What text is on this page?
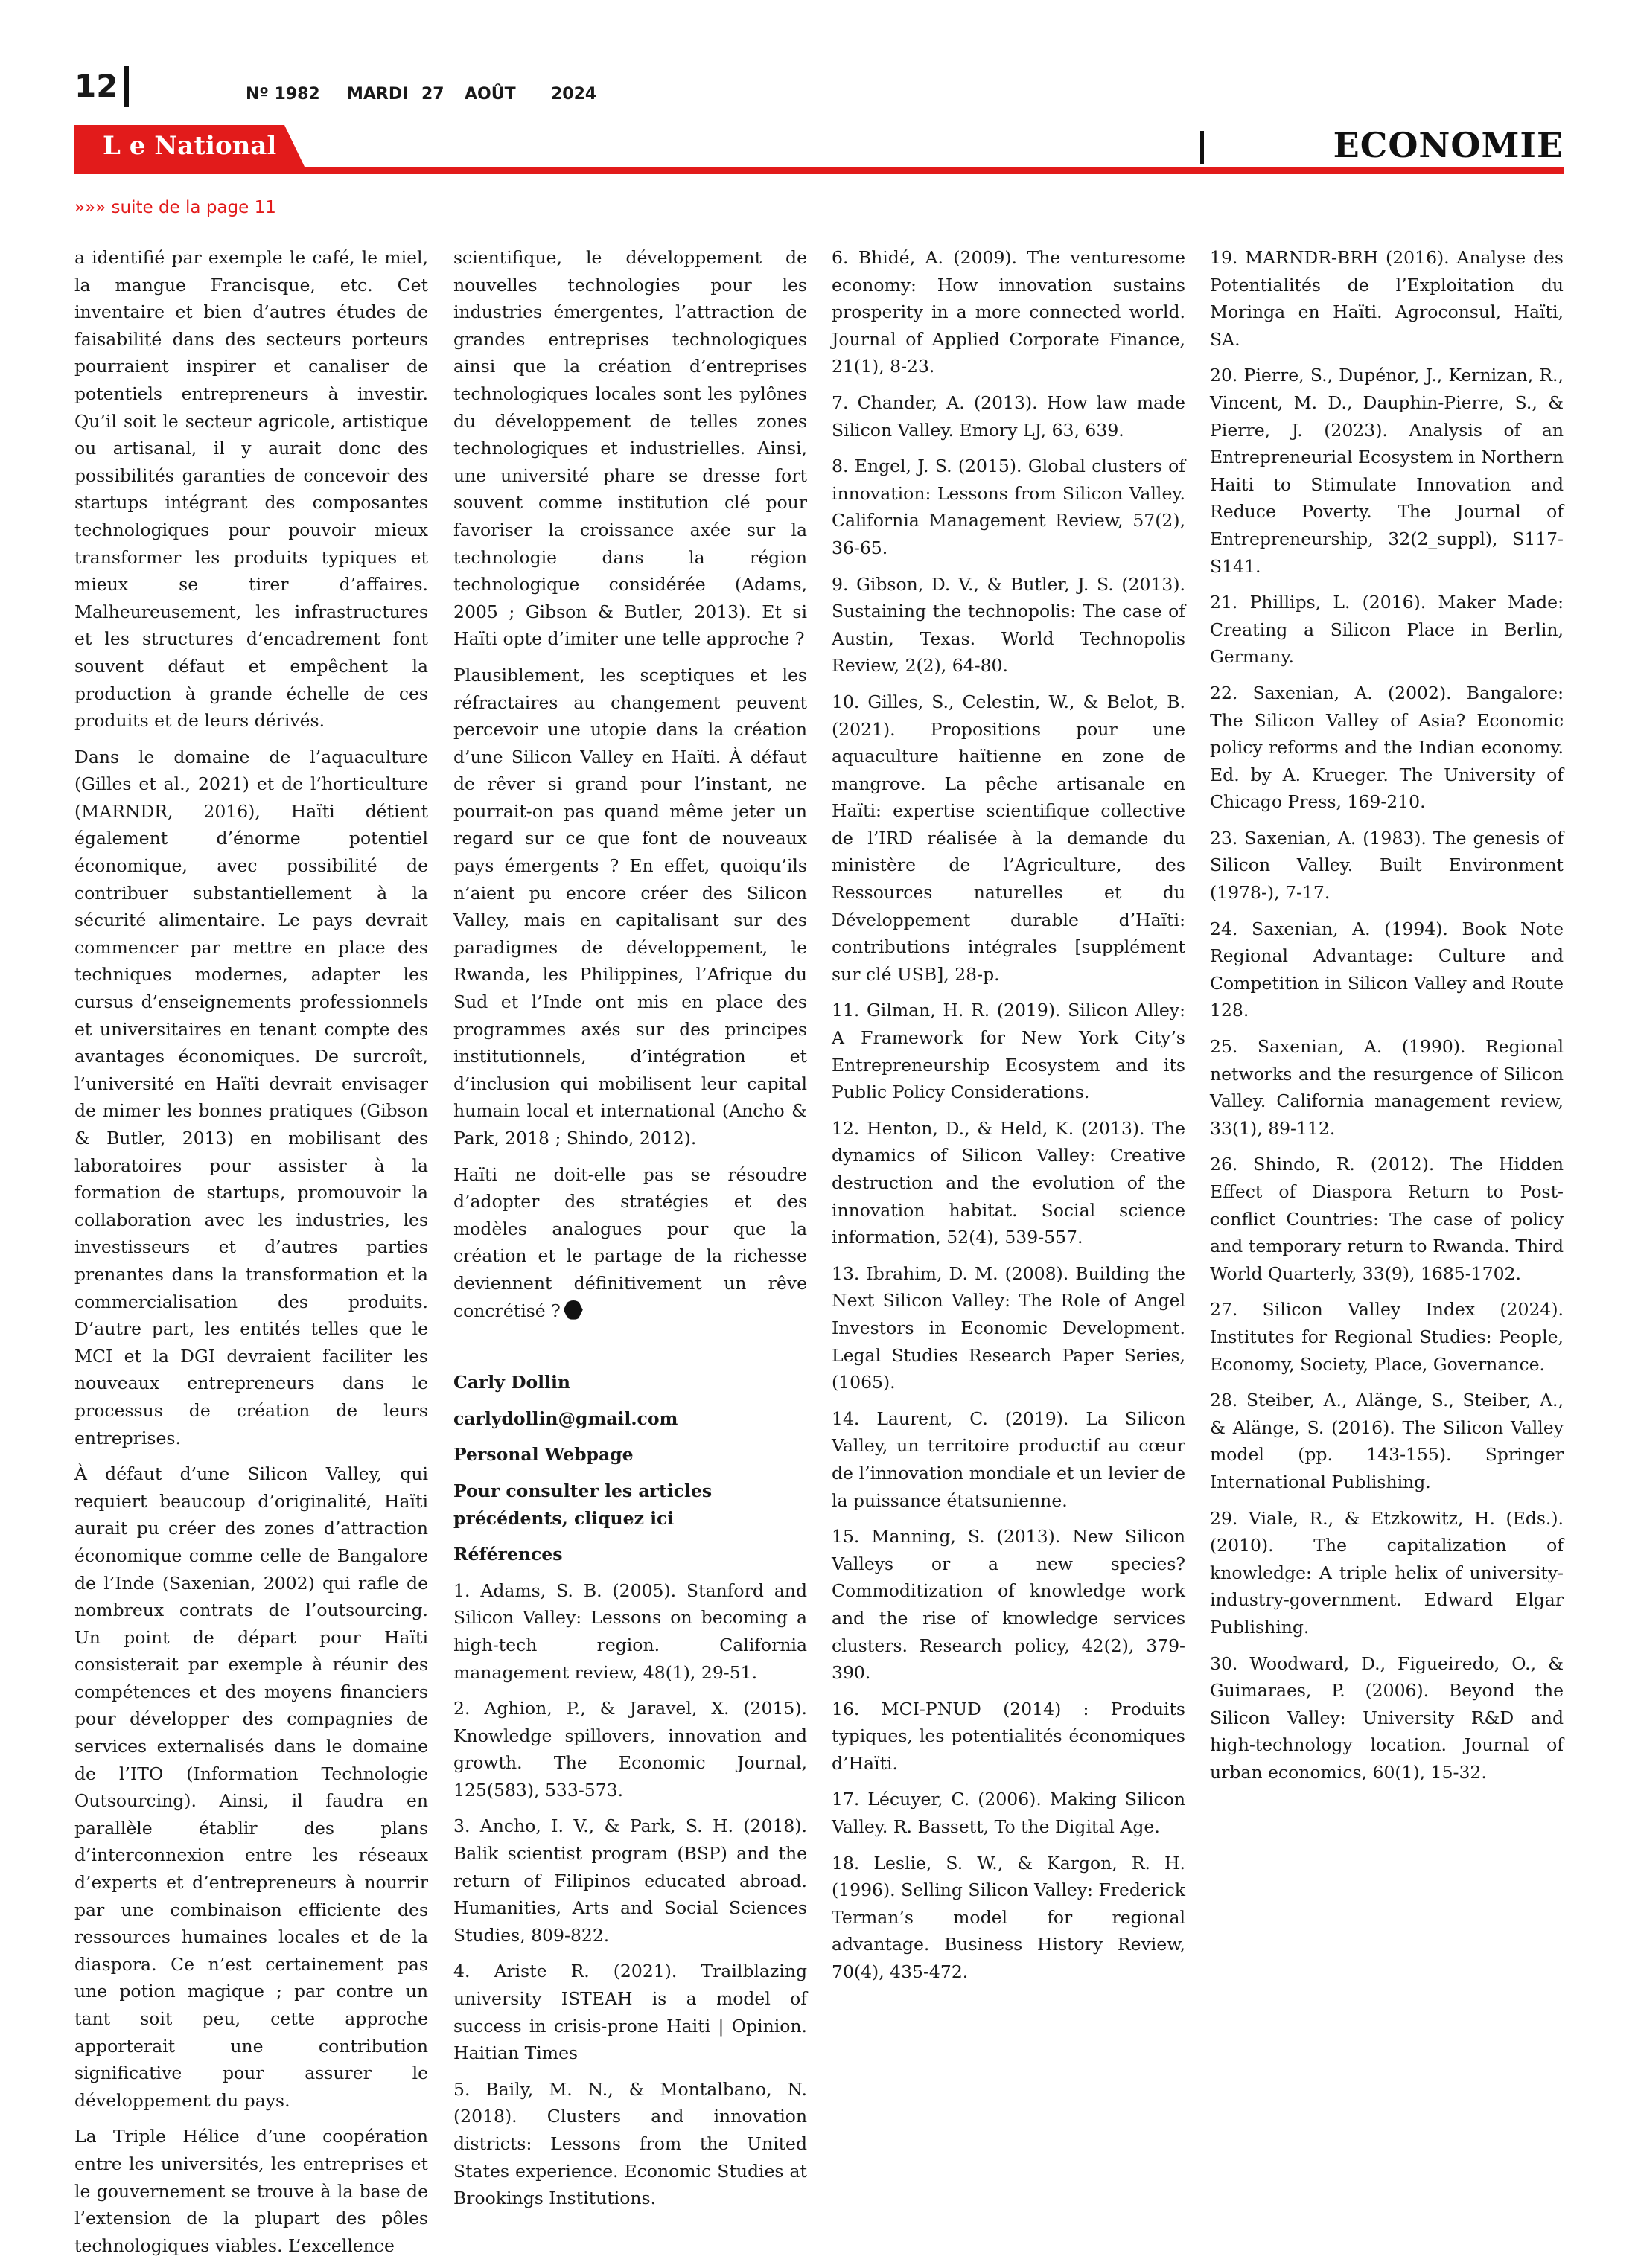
12	Nº 1982 MARDI 27 AOÛT 2024
L e National	ECONOMIE
»»» suite de la page 11

a identifié par exemple le café, le miel, la mangue Francisque, etc. Cet inventaire et bien d’autres études de faisabilité dans des secteurs porteurs pourraient inspirer et canaliser de potentiels entrepreneurs à investir. Qu’il soit le secteur agricole, artistique ou artisanal, il y aurait donc des possibilités garanties de concevoir des startups intégrant des composantes technologiques pour pouvoir mieux transformer les produits typiques et mieux se tirer d’affaires. Malheureusement, les infrastructures et les structures d’encadrement font souvent défaut et empêchent la production à grande échelle de ces produits et de leurs dérivés.

Dans le domaine de l’aquaculture (Gilles et al., 2021) et de l’horticulture (MARNDR, 2016), Haïti détient également d’énorme potentiel économique, avec possibilité de contribuer substantiellement à la sécurité alimentaire. Le pays devrait commencer par mettre en place des techniques modernes, adapter les cursus d’enseignements professionnels et universitaires en tenant compte des avantages économiques. De surcroît, l’université en Haïti devrait envisager de mimer les bonnes pratiques (Gibson & Butler, 2013) en mobilisant des laboratoires pour assister à la formation de startups, promouvoir la collaboration avec les industries, les investisseurs et d’autres parties prenantes dans la transformation et la commercialisation des produits. D’autre part, les entités telles que le MCI et la DGI devraient faciliter les nouveaux entrepreneurs dans le processus de création de leurs entreprises.

À défaut d’une Silicon Valley, qui requiert beaucoup d’originalité, Haïti aurait pu créer des zones d’attraction économique comme celle de Bangalore de l’Inde (Saxenian, 2002) qui rafle de nombreux contrats de l’outsourcing. Un point de départ pour Haïti consisterait par exemple à réunir des compétences et des moyens financiers pour développer des compagnies de services externalisés dans le domaine de l’ITO (Information Technologie Outsourcing). Ainsi, il faudra en parallèle établir des plans d’interconnexion entre les réseaux d’experts et d’entrepreneurs à nourrir par une combinaison efficiente des ressources humaines locales et de la diaspora. Ce n’est certainement pas une potion magique ; par contre un tant soit peu, cette approche apporterait une contribution significative pour assurer le développement du pays.

La Triple Hélice d’une coopération entre les universités, les entreprises et le gouvernement se trouve à la base de l’extension de la plupart des pôles technologiques viables. L’excellence

scientifique, le développement de nouvelles technologies pour les industries émergentes, l’attraction de grandes entreprises technologiques ainsi que la création d’entreprises technologiques locales sont les pylônes du développement de telles zones technologiques et industrielles. Ainsi, une université phare se dresse fort souvent comme institution clé pour favoriser la croissance axée sur la technologie dans la région technologique considérée (Adams, 2005 ; Gibson & Butler, 2013). Et si Haïti opte d’imiter une telle approche ?

Plausiblement, les sceptiques et les réfractaires au changement peuvent percevoir une utopie dans la création d’une Silicon Valley en Haïti. À défaut de rêver si grand pour l’instant, ne pourrait-on pas quand même jeter un regard sur ce que font de nouveaux pays émergents ? En effet, quoiqu’ils n’aient pu encore créer des Silicon Valley, mais en capitalisant sur des paradigmes de développement, le Rwanda, les Philippines, l’Afrique du Sud et l’Inde ont mis en place des programmes axés sur des principes institutionnels, d’intégration et d’inclusion qui mobilisent leur capital humain local et international (Ancho & Park, 2018 ; Shindo, 2012).

Haïti ne doit-elle pas se résoudre d’adopter des stratégies et des modèles analogues pour que la création et le partage de la richesse deviennent définitivement un rêve concrétisé ?

Carly Dollin

carlydollin@gmail.com

Personal Webpage

Pour consulter les articles précédents, cliquez ici

Références

1. Adams, S. B. (2005). Stanford and Silicon Valley: Lessons on becoming a high-tech region. California management review, 48(1), 29-51.

2. Aghion, P., & Jaravel, X. (2015). Knowledge spillovers, innovation and growth. The Economic Journal, 125(583), 533-573.

3. Ancho, I. V., & Park, S. H. (2018). Balik scientist program (BSP) and the return of Filipinos educated abroad. Humanities, Arts and Social Sciences Studies, 809-822.

4. Ariste R. (2021). Trailblazing university ISTEAH is a model of success in crisis-prone Haiti | Opinion. Haitian Times

5. Baily, M. N., & Montalbano, N. (2018). Clusters and innovation districts: Lessons from the United States experience. Economic Studies at Brookings Institutions.

6. Bhidé, A. (2009). The venturesome economy: How innovation sustains prosperity in a more connected world. Journal of Applied Corporate Finance, 21(1), 8-23.

7. Chander, A. (2013). How law made Silicon Valley. Emory LJ, 63, 639.

8. Engel, J. S. (2015). Global clusters of innovation: Lessons from Silicon Valley. California Management Review, 57(2), 36-65.

9. Gibson, D. V., & Butler, J. S. (2013). Sustaining the technopolis: The case of Austin, Texas. World Technopolis Review, 2(2), 64-80.

10. Gilles, S., Celestin, W., & Belot, B. (2021). Propositions pour une aquaculture haïtienne en zone de mangrove. La pêche artisanale en Haïti: expertise scientifique collective de l’IRD réalisée à la demande du ministère de l’Agriculture, des Ressources naturelles et du Développement durable d’Haïti: contributions intégrales [supplément sur clé USB], 28-p.

11. Gilman, H. R. (2019). Silicon Alley: A Framework for New York City’s Entrepreneurship Ecosystem and its Public Policy Considerations.

12. Henton, D., & Held, K. (2013). The dynamics of Silicon Valley: Creative destruction and the evolution of the innovation habitat. Social science information, 52(4), 539-557.

13. Ibrahim, D. M. (2008). Building the Next Silicon Valley: The Role of Angel Investors in Economic Development. Legal Studies Research Paper Series, (1065).

14. Laurent, C. (2019). La Silicon Valley, un territoire productif au cœur de l’innovation mondiale et un levier de la puissance étatsunienne.

15. Manning, S. (2013). New Silicon Valleys or a new species? Commoditization of knowledge work and the rise of knowledge services clusters. Research policy, 42(2), 379-390.

16. MCI-PNUD (2014) : Produits typiques, les potentialités économiques d’Haïti.

17. Lécuyer, C. (2006). Making Silicon Valley. R. Bassett, To the Digital Age.

18. Leslie, S. W., & Kargon, R. H. (1996). Selling Silicon Valley: Frederick Terman’s model for regional advantage. Business History Review, 70(4), 435-472.

19. MARNDR-BRH (2016). Analyse des Potentialités de l’Exploitation du Moringa en Haïti. Agroconsul, Haïti, SA.

20. Pierre, S., Dupénor, J., Kernizan, R., Vincent, M. D., Dauphin-Pierre, S., & Pierre, J. (2023). Analysis of an Entrepreneurial Ecosystem in Northern Haiti to Stimulate Innovation and Reduce Poverty. The Journal of Entrepreneurship, 32(2_suppl), S117-S141.

21. Phillips, L. (2016). Maker Made: Creating a Silicon Place in Berlin, Germany.

22. Saxenian, A. (2002). Bangalore: The Silicon Valley of Asia? Economic policy reforms and the Indian economy. Ed. by A. Krueger. The University of Chicago Press, 169-210.

23. Saxenian, A. (1983). The genesis of Silicon Valley. Built Environment (1978-), 7-17.

24. Saxenian, A. (1994). Book Note Regional Advantage: Culture and Competition in Silicon Valley and Route 128.

25. Saxenian, A. (1990). Regional networks and the resurgence of Silicon Valley. California management review, 33(1), 89-112.

26. Shindo, R. (2012). The Hidden Effect of Diaspora Return to Post-conflict Countries: The case of policy and temporary return to Rwanda. Third World Quarterly, 33(9), 1685-1702.

27. Silicon Valley Index (2024). Institutes for Regional Studies: People, Economy, Society, Place, Governance.

28. Steiber, A., Alänge, S., Steiber, A., & Alänge, S. (2016). The Silicon Valley model (pp. 143-155). Springer International Publishing.

29. Viale, R., & Etzkowitz, H. (Eds.). (2010). The capitalization of knowledge: A triple helix of university-industry-government. Edward Elgar Publishing.

30. Woodward, D., Figueiredo, O., & Guimaraes, P. (2006). Beyond the Silicon Valley: University R&D and high-technology location. Journal of urban economics, 60(1), 15-32.
